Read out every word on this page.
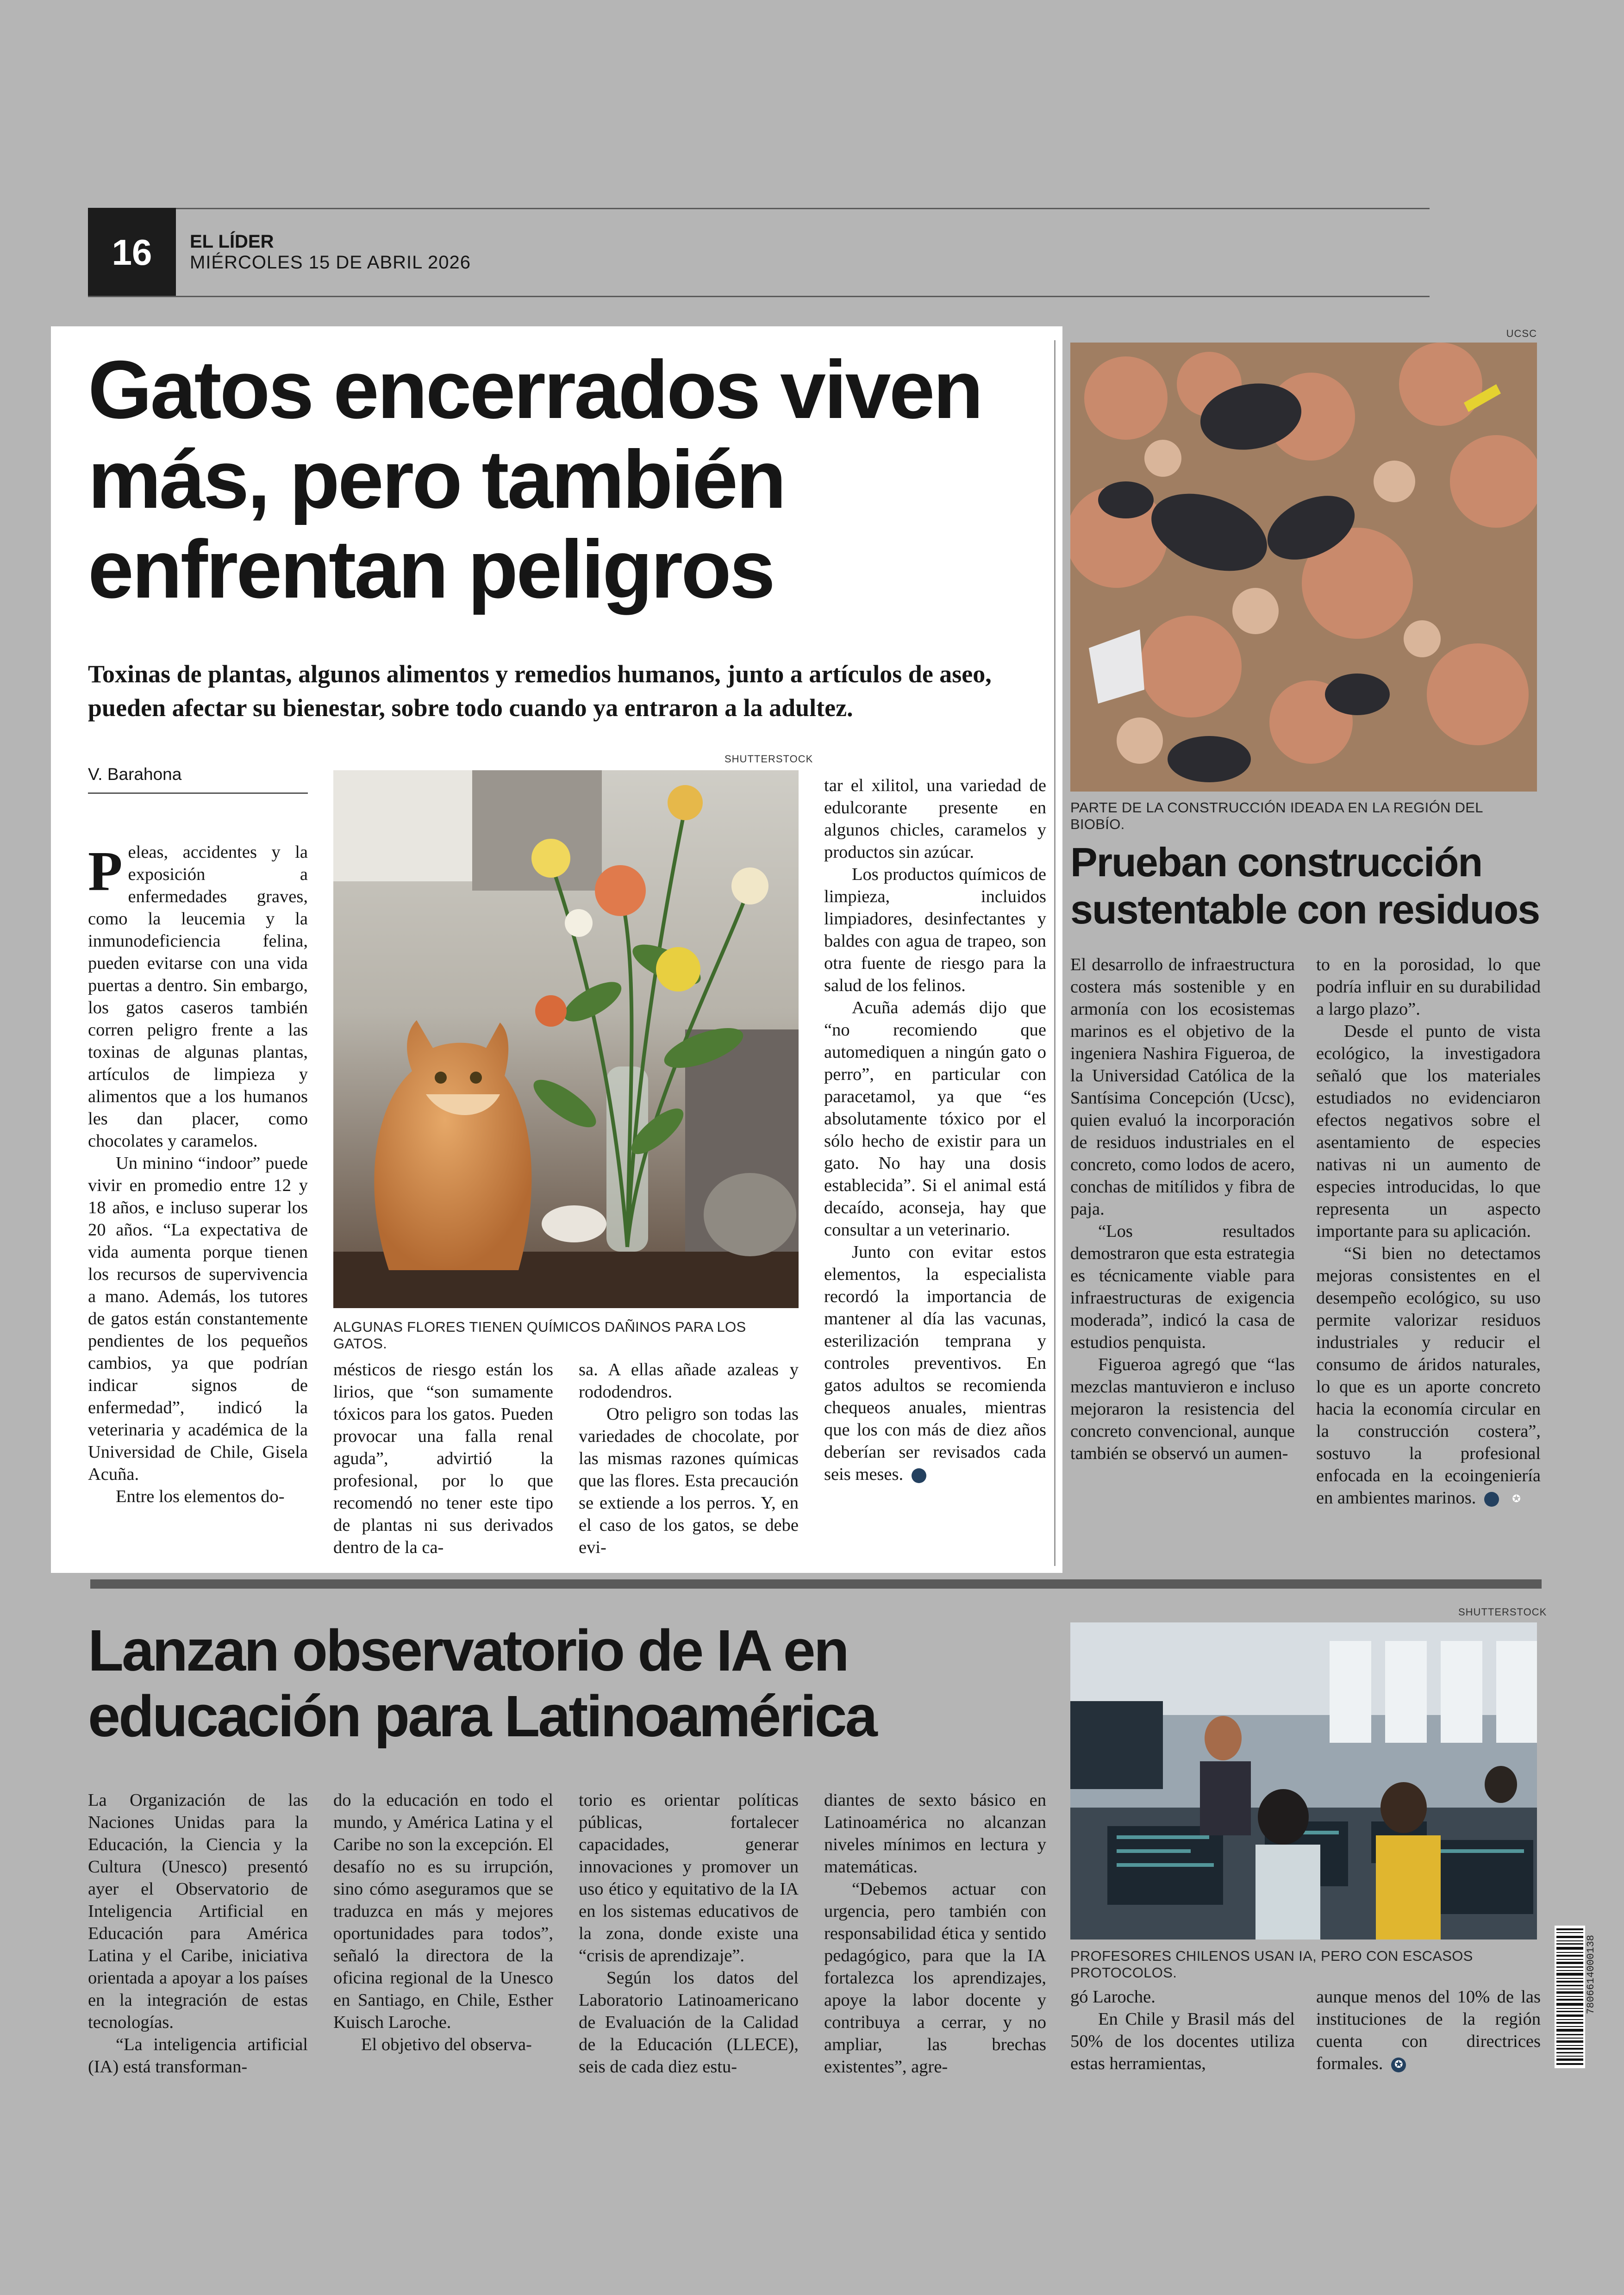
16	EL LÍDER
MIÉRCOLES 15 DE ABRIL 2026
Gatos encerrados viven más, pero también enfrentan peligros
Toxinas de plantas, algunos alimentos y remedios humanos, junto a artículos de aseo, pueden afectar su bienestar, sobre todo cuando ya entraron a la adultez.
V. Barahona
SHUTTERSTOCK
ALGUNAS FLORES TIENEN QUÍMICOS DAÑINOS PARA LOS GATOS.

Peleas, accidentes y la exposición a enfermedades graves, como la leucemia y la inmunodeficiencia felina, pueden evitarse con una vida puertas a dentro. Sin embargo, los gatos caseros también corren peligro frente a las toxinas de algunas plantas, artículos de limpieza y alimentos que a los humanos les dan placer, como chocolates y caramelos.

Un minino “indoor” puede vivir en promedio entre 12 y 18 años, e incluso superar los 20 años. “La expectativa de vida aumenta porque tienen los recursos de supervivencia a mano. Además, los tutores de gatos están constantemente pendientes de los pequeños cambios, ya que podrían indicar signos de enfermedad”, indicó la veterinaria y académica de la Universidad de Chile, Gisela Acuña.

Entre los elementos do-

mésticos de riesgo están los lirios, que “son sumamente tóxicos para los gatos. Pueden provocar una falla renal aguda”, advirtió la profesional, por lo que recomendó no tener este tipo de plantas ni sus derivados dentro de la ca-

sa. A ellas añade azaleas y rododendros.

Otro peligro son todas las variedades de chocolate, por las mismas razones químicas que las flores. Esta precaución se extiende a los perros. Y, en el caso de los gatos, se debe evi-

tar el xilitol, una variedad de edulcorante presente en algunos chicles, caramelos y productos sin azúcar.

Los productos químicos de limpieza, incluidos limpiadores, desinfectantes y baldes con agua de trapeo, son otra fuente de riesgo para la salud de los felinos.

Acuña además dijo que “no recomiendo que automediquen a ningún gato o perro”, en particular con paracetamol, ya que “es absolutamente tóxico por el sólo hecho de existir para un gato. No hay una dosis establecida”. Si el animal está decaído, aconseja, hay que consultar a un veterinario.

Junto con evitar estos elementos, la especialista recordó la importancia de mantener al día las vacunas, esterilización temprana y controles preventivos. En gatos adultos se recomienda chequeos anuales, mientras que los con más de diez años deberían ser revisados cada seis meses.	✪

UCSC
PARTE DE LA CONSTRUCCIÓN IDEADA EN LA REGIÓN DEL BIOBÍO.
Prueban construcción sustentable con residuos

El desarrollo de infraestructura costera más sostenible y en armonía con los ecosistemas marinos es el objetivo de la ingeniera Nashira Figueroa, de la Universidad Católica de la Santísima Concepción (Ucsc), quien evaluó la incorporación de residuos industriales en el concreto, como lodos de acero, conchas de mitílidos y fibra de paja.

“Los resultados demostraron que esta estrategia es técnicamente viable para infraestructuras de exigencia moderada”, indicó la casa de estudios penquista.

Figueroa agregó que “las mezclas mantuvieron e incluso mejoraron la resistencia del concreto convencional, aunque también se observó un aumen-

to en la porosidad, lo que podría influir en su durabilidad a largo plazo”.

Desde el punto de vista ecológico, la investigadora señaló que los materiales estudiados no evidenciaron efectos negativos sobre el asentamiento de especies nativas ni un aumento de especies introducidas, lo que representa un aspecto importante para su aplicación.

“Si bien no detectamos mejoras consistentes en el desempeño ecológico, su uso permite valorizar residuos industriales y reducir el consumo de áridos naturales, lo que es un aporte concreto hacia la economía circular en la construcción costera”, sostuvo la profesional enfocada en la ecoingeniería en ambientes marinos.	✪

Lanzan observatorio de IA en educación para Latinoamérica
SHUTTERSTOCK
PROFESORES CHILENOS USAN IA, PERO CON ESCASOS PROTOCOLOS.

La Organización de las Naciones Unidas para la Educación, la Ciencia y la Cultura (Unesco) presentó ayer el Observatorio de Inteligencia Artificial en Educación para América Latina y el Caribe, iniciativa orientada a apoyar a los países en la integración de estas tecnologías.

“La inteligencia artificial (IA) está transforman-

do la educación en todo el mundo, y América Latina y el Caribe no son la excepción. El desafío no es su irrupción, sino cómo aseguramos que se traduzca en más y mejores oportunidades para todos”, señaló la directora de la oficina regional de la Unesco en Santiago, en Chile, Esther Kuisch Laroche.

El objetivo del observa-

torio es orientar políticas públicas, fortalecer capacidades, generar innovaciones y promover un uso ético y equitativo de la IA en los sistemas educativos de la zona, donde existe una “crisis de aprendizaje”.

Según los datos del Laboratorio Latinoamericano de Evaluación de la Calidad de la Educación (LLECE), seis de cada diez estu-

diantes de sexto básico en Latinoamérica no alcanzan niveles mínimos en lectura y matemáticas.

“Debemos actuar con urgencia, pero también con responsabilidad ética y sentido pedagógico, para que la IA fortalezca los aprendizajes, apoye la labor docente y contribuya a cerrar, y no ampliar, las brechas existentes”, agre-

gó Laroche.

En Chile y Brasil más del 50% de los docentes utiliza estas herramientas,

aunque menos del 10% de las instituciones de la región cuenta con directrices formales. ✪

7806614000138
